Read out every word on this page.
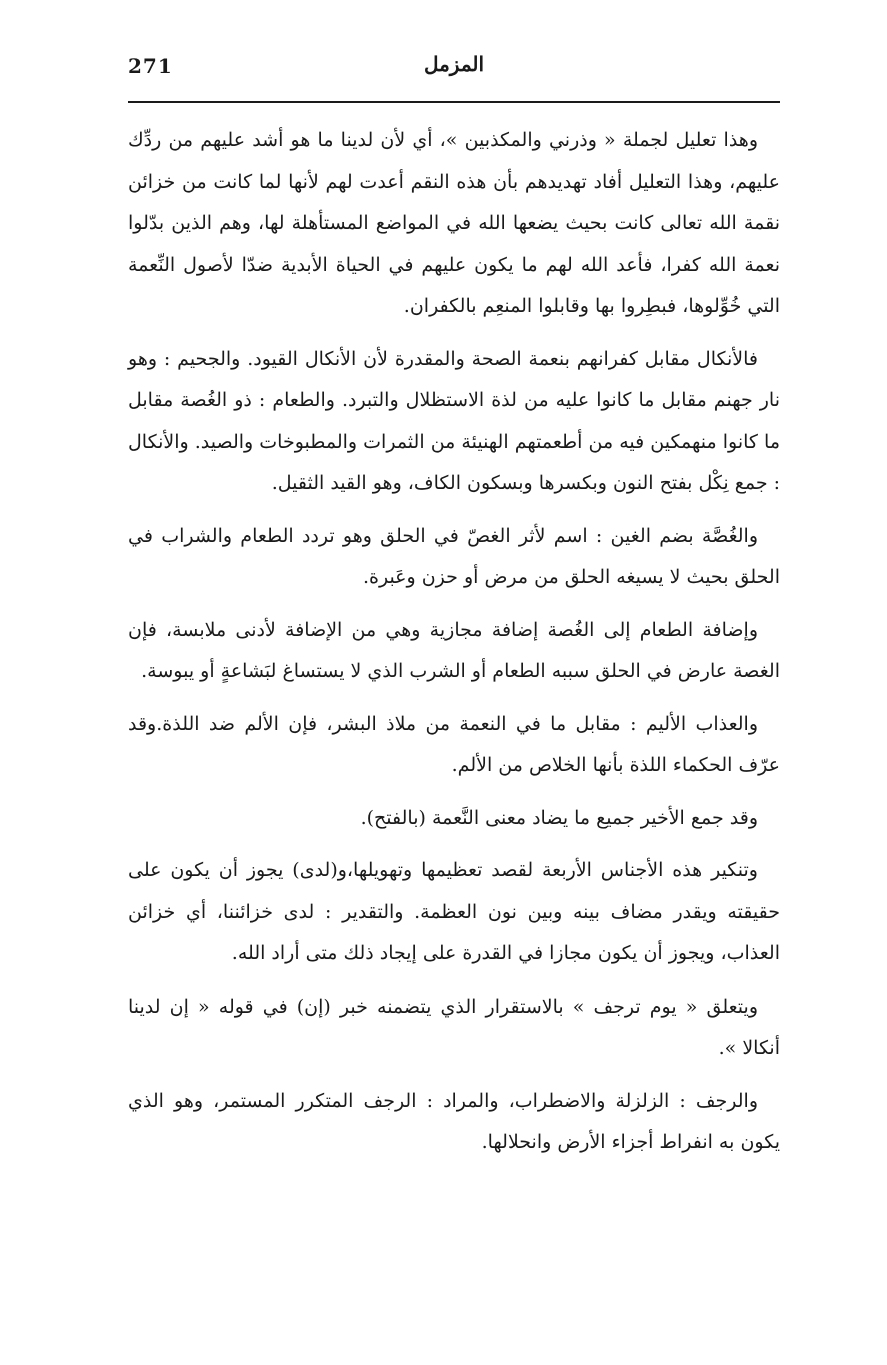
271	المزمل

وهذا تعليل لجملة « وذرني والمكذبين »، أي لأن لدينا ما هو أشد عليهم من ردِّك عليهم، وهذا التعليل أفاد تهديدهم بأن هذه النقم أعدت لهم لأنها لما كانت من خزائن نقمة الله تعالى كانت بحيث يضعها الله في المواضع المستأهلة لها، وهم الذين بدّلوا نعمة الله كفرا، فأعد الله لهم ما يكون عليهم في الحياة الأبدية ضدّا لأصول النِّعمة التي خُوِّلوها، فبطِروا بها وقابلوا المنعِم بالكفران.

فالأنكال مقابل كفرانهم بنعمة الصحة والمقدرة لأن الأنكال القيود. والجحيم : وهو نار جهنم مقابل ما كانوا عليه من لذة الاستظلال والتبرد. والطعام : ذو الغُصة مقابل ما كانوا منهمكين فيه من أطعمتهم الهنيئة من الثمرات والمطبوخات والصيد. والأنكال : جمع نِكْل بفتح النون وبكسرها وبسكون الكاف، وهو القيد الثقيل.

والغُصَّة بضم الغين : اسم لأثر الغصّ في الحلق وهو تردد الطعام والشراب في الحلق بحيث لا يسيغه الحلق من مرض أو حزن وعَبرة.

وإضافة الطعام إلى الغُصة إضافة مجازية وهي من الإضافة لأدنى ملابسة، فإن الغصة عارض في الحلق سببه الطعام أو الشرب الذي لا يستساغ لبَشاعةٍ أو يبوسة.

والعذاب الأليم : مقابل ما في النعمة من ملاذ البشر، فإن الألم ضد اللذة.وقد عرّف الحكماء اللذة بأنها الخلاص من الألم.

وقد جمع الأخير جميع ما يضاد معنى النَّعمة (بالفتح).

وتنكير هذه الأجناس الأربعة لقصد تعظيمها وتهويلها،و(لدى) يجوز أن يكون على حقيقته ويقدر مضاف بينه وبين نون العظمة. والتقدير : لدى خزائننا، أي خزائن العذاب، ويجوز أن يكون مجازا في القدرة على إيجاد ذلك متى أراد الله.

ويتعلق « يوم ترجف » بالاستقرار الذي يتضمنه خبر (إن) في قوله « إن لدينا أنكالا ».

والرجف : الزلزلة والاضطراب، والمراد : الرجف المتكرر المستمر، وهو الذي يكون به انفراط أجزاء الأرض وانحلالها.
